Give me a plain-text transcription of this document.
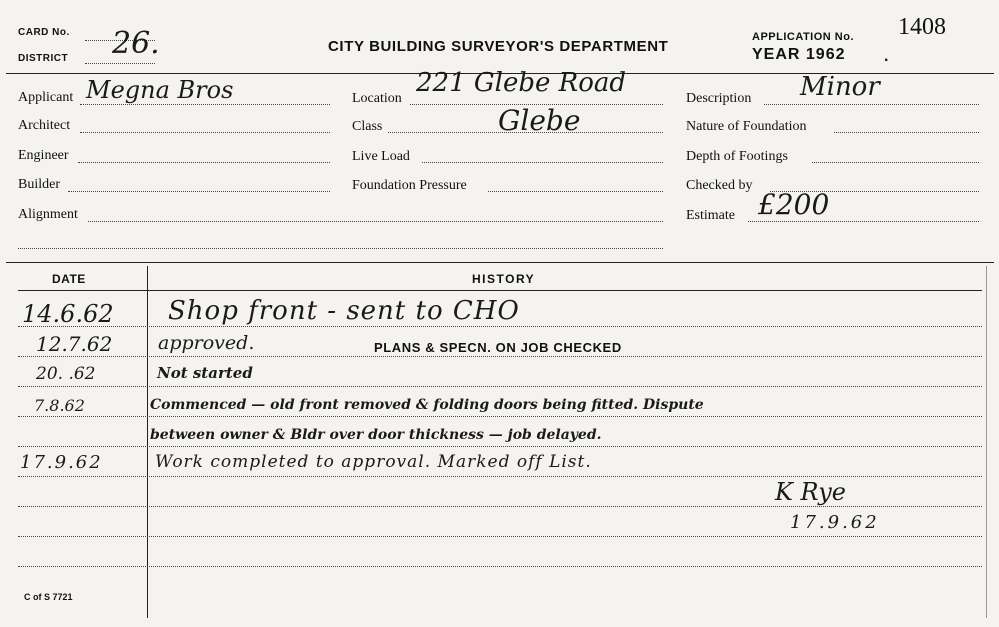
CARD No.
DISTRICT 26.	CITY BUILDING SURVEYOR'S DEPARTMENT
APPLICATION No. 1408
YEAR 1962 .
Applicant Megna Bros
Architect
Engineer
Builder
Alignment
Location
221 Glebe Road
Class	Glebe
Live Load
Foundation Pressure
Description Minor
Nature of Foundation
Depth of Footings
Checked by
Estimate £200
DATE	HISTORY
14.6.62 Shop front - sent to CHO
12.7.62 approved.	PLANS & SPECN. ON JOB CHECKED
20. .62	Not started
7.8.62	Commenced — old front removed & folding doors being fitted. Dispute
between owner & Bldr over door thickness — job delayed.
17.9.62	Work completed to approval. Marked off List.
K Rye
17.9.62
C of S 7721
